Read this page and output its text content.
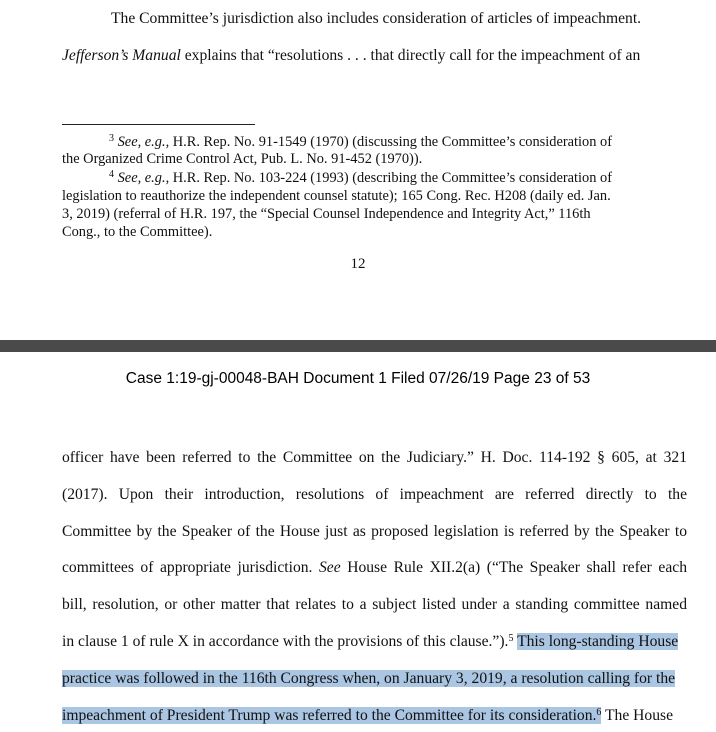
The Committee’s jurisdiction also includes consideration of articles of impeachment.
Jefferson’s Manual explains that “resolutions . . . that directly call for the impeachment of an
$^3$ See, e.g., H.R. Rep. No. 91-1549 (1970) (discussing the Committee’s consideration of
the Organized Crime Control Act, Pub. L. No. 91-452 (1970)).
$^4$ See, e.g., H.R. Rep. No. 103-224 (1993) (describing the Committee’s consideration of
legislation to reauthorize the independent counsel statute); 165 Cong. Rec. H208 (daily ed. Jan.
3, 2019) (referral of H.R. 197, the “Special Counsel Independence and Integrity Act,” 116th
Cong., to the Committee).
12
Case 1:19-gj-00048-BAH Document 1 Filed 07/26/19 Page 23 of 53
officer have been referred to the Committee on the Judiciary.” H. Doc. 114-192 § 605, at 321
(2017). Upon their introduction, resolutions of impeachment are referred directly to the
Committee by the Speaker of the House just as proposed legislation is referred by the Speaker to
committees of appropriate jurisdiction. See House Rule XII.2(a) (“The Speaker shall refer each
bill, resolution, or other matter that relates to a subject listed under a standing committee named
in clause 1 of rule X in accordance with the provisions of this clause.”).$^5$ This long-standing House
practice was followed in the 116th Congress when, on January 3, 2019, a resolution calling for the
impeachment of President Trump was referred to the Committee for its consideration.$^6$ The House
